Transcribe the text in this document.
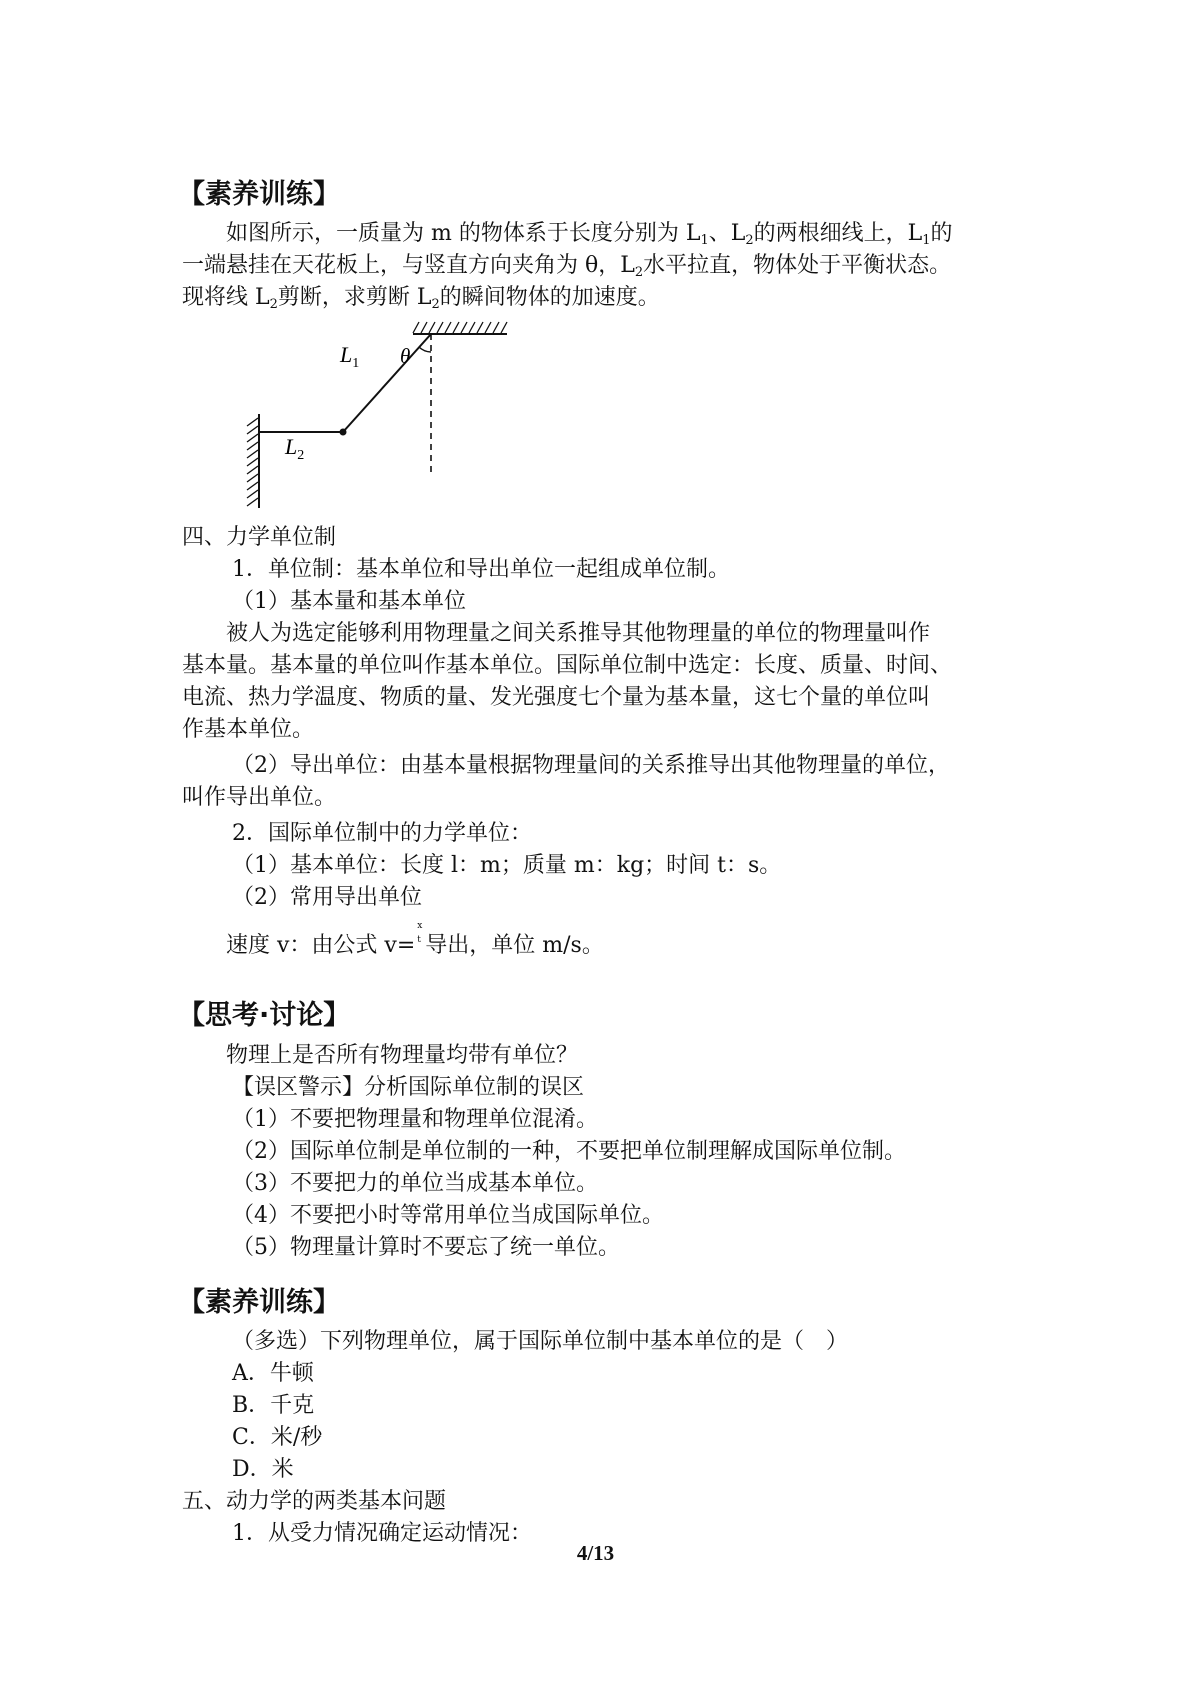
【素养训练】
如图所示，一质量为 m 的物体系于长度分别为 $L_1$、$L_2$的两根细线上，$L_1$的
一端悬挂在天花板上，与竖直方向夹角为 θ，$L_2$水平拉直，物体处于平衡状态。
现将线 $L_2$剪断，求剪断 $L_2$的瞬间物体的加速度。
$L_1$ θ
$L_2$
四、力学单位制
1．单位制：基本单位和导出单位一起组成单位制。
（1）基本量和基本单位
被人为选定能够利用物理量之间关系推导其他物理量的单位的物理量叫作
基本量。基本量的单位叫作基本单位。国际单位制中选定：长度、质量、时间、
电流、热力学温度、物质的量、发光强度七个量为基本量，这七个量的单位叫
作基本单位。
（2）导出单位：由基本量根据物理量间的关系推导出其他物理量的单位，
叫作导出单位。
2．国际单位制中的力学单位：
（1）基本单位：长度 l：m；质量 m：kg；时间 t：s。
（2）常用导出单位
速度 v：由公式 v=
x
t 导出，单位 m/s。
【思考·讨论】
物理上是否所有物理量均带有单位？
【误区警示】分析国际单位制的误区
（1）不要把物理量和物理单位混淆。
（2）国际单位制是单位制的一种，不要把单位制理解成国际单位制。
（3）不要把力的单位当成基本单位。
（4）不要把小时等常用单位当成国际单位。
（5）物理量计算时不要忘了统一单位。
【素养训练】
（多选）下列物理单位，属于国际单位制中基本单位的是（　）
A．牛顿
B．千克
C．米/秒
D．米
五、动力学的两类基本问题
1．从受力情况确定运动情况：
4/13
